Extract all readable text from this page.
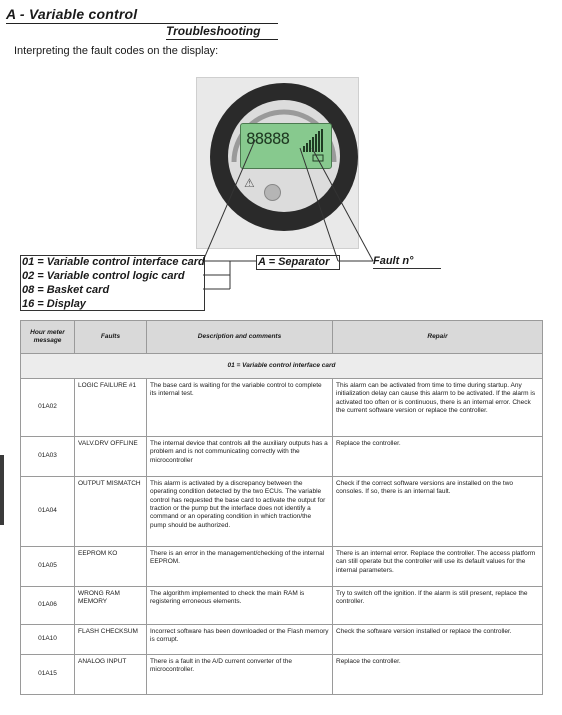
A - Variable control
Troubleshooting
Interpreting the fault codes on the display:
88888
⚠
01 = Variable control interface card
02 = Variable control logic card
08 = Basket card
16 = Display
A = Separator	Fault n°
Hour meter message	Faults	Description and comments	Repair
01 = Variable control interface card			
01A02	LOGIC FAILURE #1	The base card is waiting for the variable control to complete its internal test.	This alarm can be activated from time to time during startup. Any initialization delay can cause this alarm to be activated. If the alarm is activated too often or is continuous, there is an internal error. Check the current software version or replace the controller.
01A03	VALV.DRV OFFLINE	The internal device that controls all the auxiliary outputs has a problem and is not communicating correctly with the microcontroller	Replace the controller.
01A04	OUTPUT MISMATCH	This alarm is activated by a discrepancy between the operating condition detected by the two ECUs. The variable control has requested the base card to activate the output for traction or the pump but the interface does not identify a command or an operating condition in which traction/the pump should be authorized.	Check if the correct software versions are installed on the two consoles. If so, there is an internal fault.
01A05	EEPROM KO	There is an error in the management/checking of the internal EEPROM.	There is an internal error. Replace the controller. The access platform can still operate but the controller will use its default values for the internal parameters.
01A06	WRONG RAM MEMORY	The algorithm implemented to check the main RAM is registering erroneous elements.	Try to switch off the ignition. If the alarm is still present, replace the controller.
01A10	FLASH CHECKSUM	Incorrect software has been downloaded or the Flash memory is corrupt.	Check the software version installed or replace the controller.
01A15	ANALOG INPUT	There is a fault in the A/D current converter of the microcontroller.	Replace the controller.
